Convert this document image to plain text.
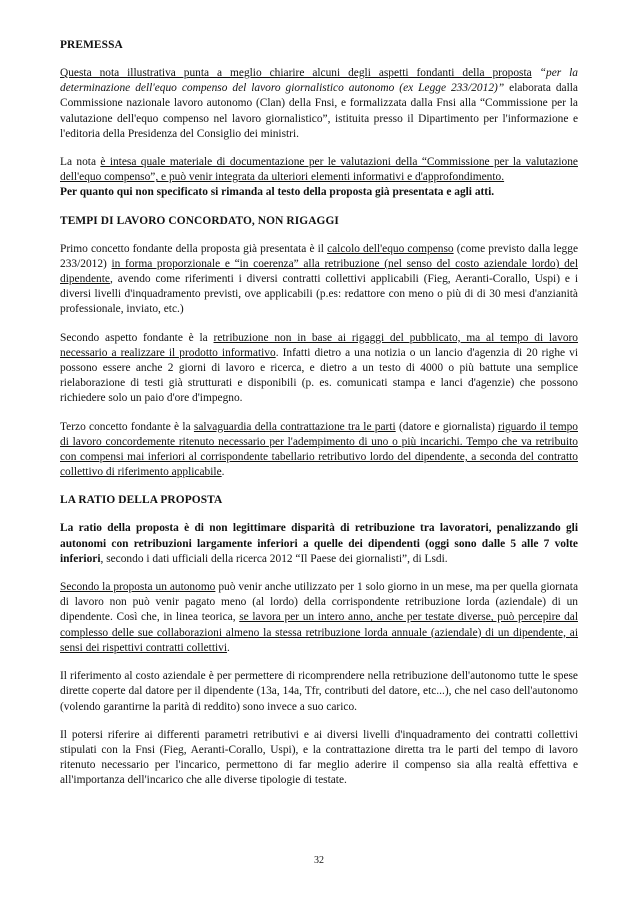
PREMESSA

Questa nota illustrativa punta a meglio chiarire alcuni degli aspetti fondanti della proposta “per la determinazione dell'equo compenso del lavoro giornalistico autonomo (ex Legge 233/2012)” elaborata dalla Commissione nazionale lavoro autonomo (Clan) della Fnsi, e formalizzata dalla Fnsi alla “Commissione per la valutazione dell'equo compenso nel lavoro giornalistico”, istituita presso il Dipartimento per l'informazione e l'editoria della Presidenza del Consiglio dei ministri.

La nota è intesa quale materiale di documentazione per le valutazioni della “Commissione per la valutazione dell'equo compenso”, e può venir integrata da ulteriori elementi informativi e d'approfondimento.
Per quanto qui non specificato si rimanda al testo della proposta già presentata e agli atti.

TEMPI DI LAVORO CONCORDATO, NON RIGAGGI

Primo concetto fondante della proposta già presentata è il calcolo dell'equo compenso (come previsto dalla legge 233/2012) in forma proporzionale e “in coerenza” alla retribuzione (nel senso del costo aziendale lordo) del dipendente, avendo come riferimenti i diversi contratti collettivi applicabili (Fieg, Aeranti-Corallo, Uspi) e i diversi livelli d'inquadramento previsti, ove applicabili (p.es: redattore con meno o più di di 30 mesi d'anzianità professionale, inviato, etc.)

Secondo aspetto fondante è la retribuzione non in base ai rigaggi del pubblicato, ma al tempo di lavoro necessario a realizzare il prodotto informativo. Infatti dietro a una notizia o un lancio d'agenzia di 20 righe vi possono essere anche 2 giorni di lavoro e ricerca, e dietro a un testo di 4000 o più battute una semplice rielaborazione di testi già strutturati e disponibili (p. es. comunicati stampa e lanci d'agenzie) che possono richiedere solo un paio d'ore d'impegno.

Terzo concetto fondante è la salvaguardia della contrattazione tra le parti (datore e giornalista) riguardo il tempo di lavoro concordemente ritenuto necessario per l'adempimento di uno o più incarichi. Tempo che va retribuito con compensi mai inferiori al corrispondente tabellario retributivo lordo del dipendente, a seconda del contratto collettivo di riferimento applicabile.

LA RATIO DELLA PROPOSTA

La ratio della proposta è di non legittimare disparità di retribuzione tra lavoratori, penalizzando gli autonomi con retribuzioni largamente inferiori a quelle dei dipendenti (oggi sono dalle 5 alle 7 volte inferiori, secondo i dati ufficiali della ricerca 2012 “Il Paese dei giornalisti”, di Lsdi.

Secondo la proposta un autonomo può venir anche utilizzato per 1 solo giorno in un mese, ma per quella giornata di lavoro non può venir pagato meno (al lordo) della corrispondente retribuzione lorda (aziendale) di un dipendente. Così che, in linea teorica, se lavora per un intero anno, anche per testate diverse, può percepire dal complesso delle sue collaborazioni almeno la stessa retribuzione lorda annuale (aziendale) di un dipendente, ai sensi dei rispettivi contratti collettivi.

Il riferimento al costo aziendale è per permettere di ricomprendere nella retribuzione dell'autonomo tutte le spese dirette coperte dal datore per il dipendente (13a, 14a, Tfr, contributi del datore, etc...), che nel caso dell'autonomo (volendo garantirne la parità di reddito) sono invece a suo carico.

Il potersi riferire ai differenti parametri retributivi e ai diversi livelli d'inquadramento dei contratti collettivi stipulati con la Fnsi (Fieg, Aeranti-Corallo, Uspi), e la contrattazione diretta tra le parti del tempo di lavoro ritenuto necessario per l'incarico, permettono di far meglio aderire il compenso sia alla realtà effettiva e all'importanza dell'incarico che alle diverse tipologie di testate.

32
